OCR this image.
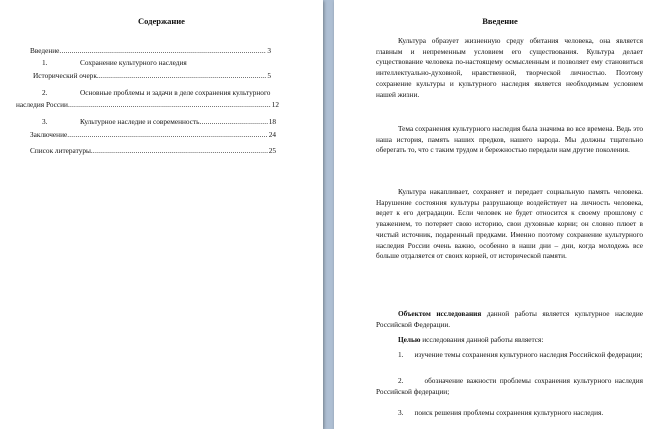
Содержание
Введение .....	3
1.	Сохранение культурного наследия
Исторический очерк .....	5
2.	Основные проблемы и задачи в деле сохранения культурного
наследия России .....	12
3.	Культурное наследие и современность .....	18
Заключение .....	24
Список литературы .....	25
Введение
Культура образует жизненную среду обитания человека, она является главным и непременным условием его существования. Культура делает существование человека по-настоящему осмысленным и позволяет ему становиться интеллектуально-духовной, нравственной, творческой личностью. Поэтому сохранение культуры и культурного наследия является необходимым условием нашей жизни.
Тема сохранения культурного наследия была значима во все времена. Ведь это наша история, память наших предков, нашего народа. Мы должны тщательно оберегать то, что с таким трудом и бережностью передали нам другие поколения.
Культура накапливает, сохраняет и передает социальную память человека. Нарушение состояния культуры разрушающе воздействует на личность человека, ведет к его деградации. Если человек не будет относится к своему прошлому с уважением, то потеряет свою историю, свои духовные корни; он словно плюет в чистый источник, подаренный предками. Именно поэтому сохранение культурного наследия России очень важно, особенно в наши дни – дни, когда молодежь все больше отдаляется от своих корней, от исторической памяти.
Объектом исследования данной работы является культурное наследие Российской Федерации.
Целью исследования данной работы является:
1. изучение темы сохранения культурного наследия Российской федерации;
2.	обозначение важности проблемы сохранения культурного наследия Российской федерации;
3. поиск решения проблемы сохранения культурного наследия.
